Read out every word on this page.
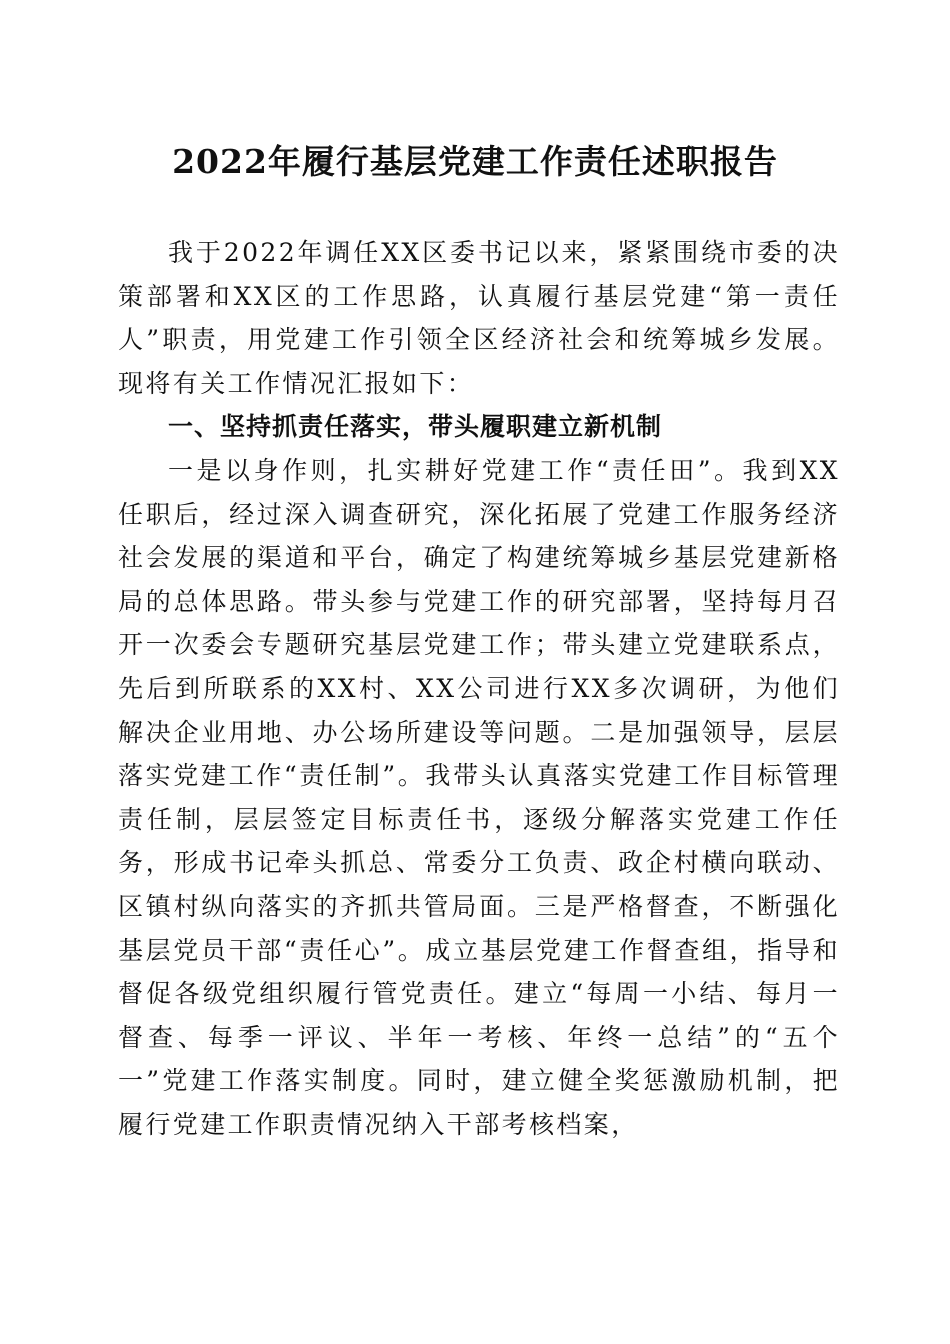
2022年履行基层党建工作责任述职报告

我于2022年调任XX区委书记以来，紧紧围绕市委的决策部署和XX区的工作思路，认真履行基层党建“第一责任人”职责，用党建工作引领全区经济社会和统筹城乡发展。现将有关工作情况汇报如下：

一、坚持抓责任落实，带头履职建立新机制

一是以身作则，扎实耕好党建工作“责任田”。我到XX任职后，经过深入调查研究，深化拓展了党建工作服务经济社会发展的渠道和平台，确定了构建统筹城乡基层党建新格局的总体思路。带头参与党建工作的研究部署，坚持每月召开一次委会专题研究基层党建工作；带头建立党建联系点，先后到所联系的XX村、XX公司进行XX多次调研，为他们解决企业用地、办公场所建设等问题。二是加强领导，层层落实党建工作“责任制”。我带头认真落实党建工作目标管理责任制，层层签定目标责任书，逐级分解落实党建工作任务，形成书记牵头抓总、常委分工负责、政企村横向联动、区镇村纵向落实的齐抓共管局面。三是严格督查，不断强化基层党员干部“责任心”。成立基层党建工作督查组，指导和督促各级党组织履行管党责任。建立“每周一小结、每月一督查、每季一评议、半年一考核、年终一总结”的“五个一”党建工作落实制度。同时，建立健全奖惩激励机制，把履行党建工作职责情况纳入干部考核档案，
